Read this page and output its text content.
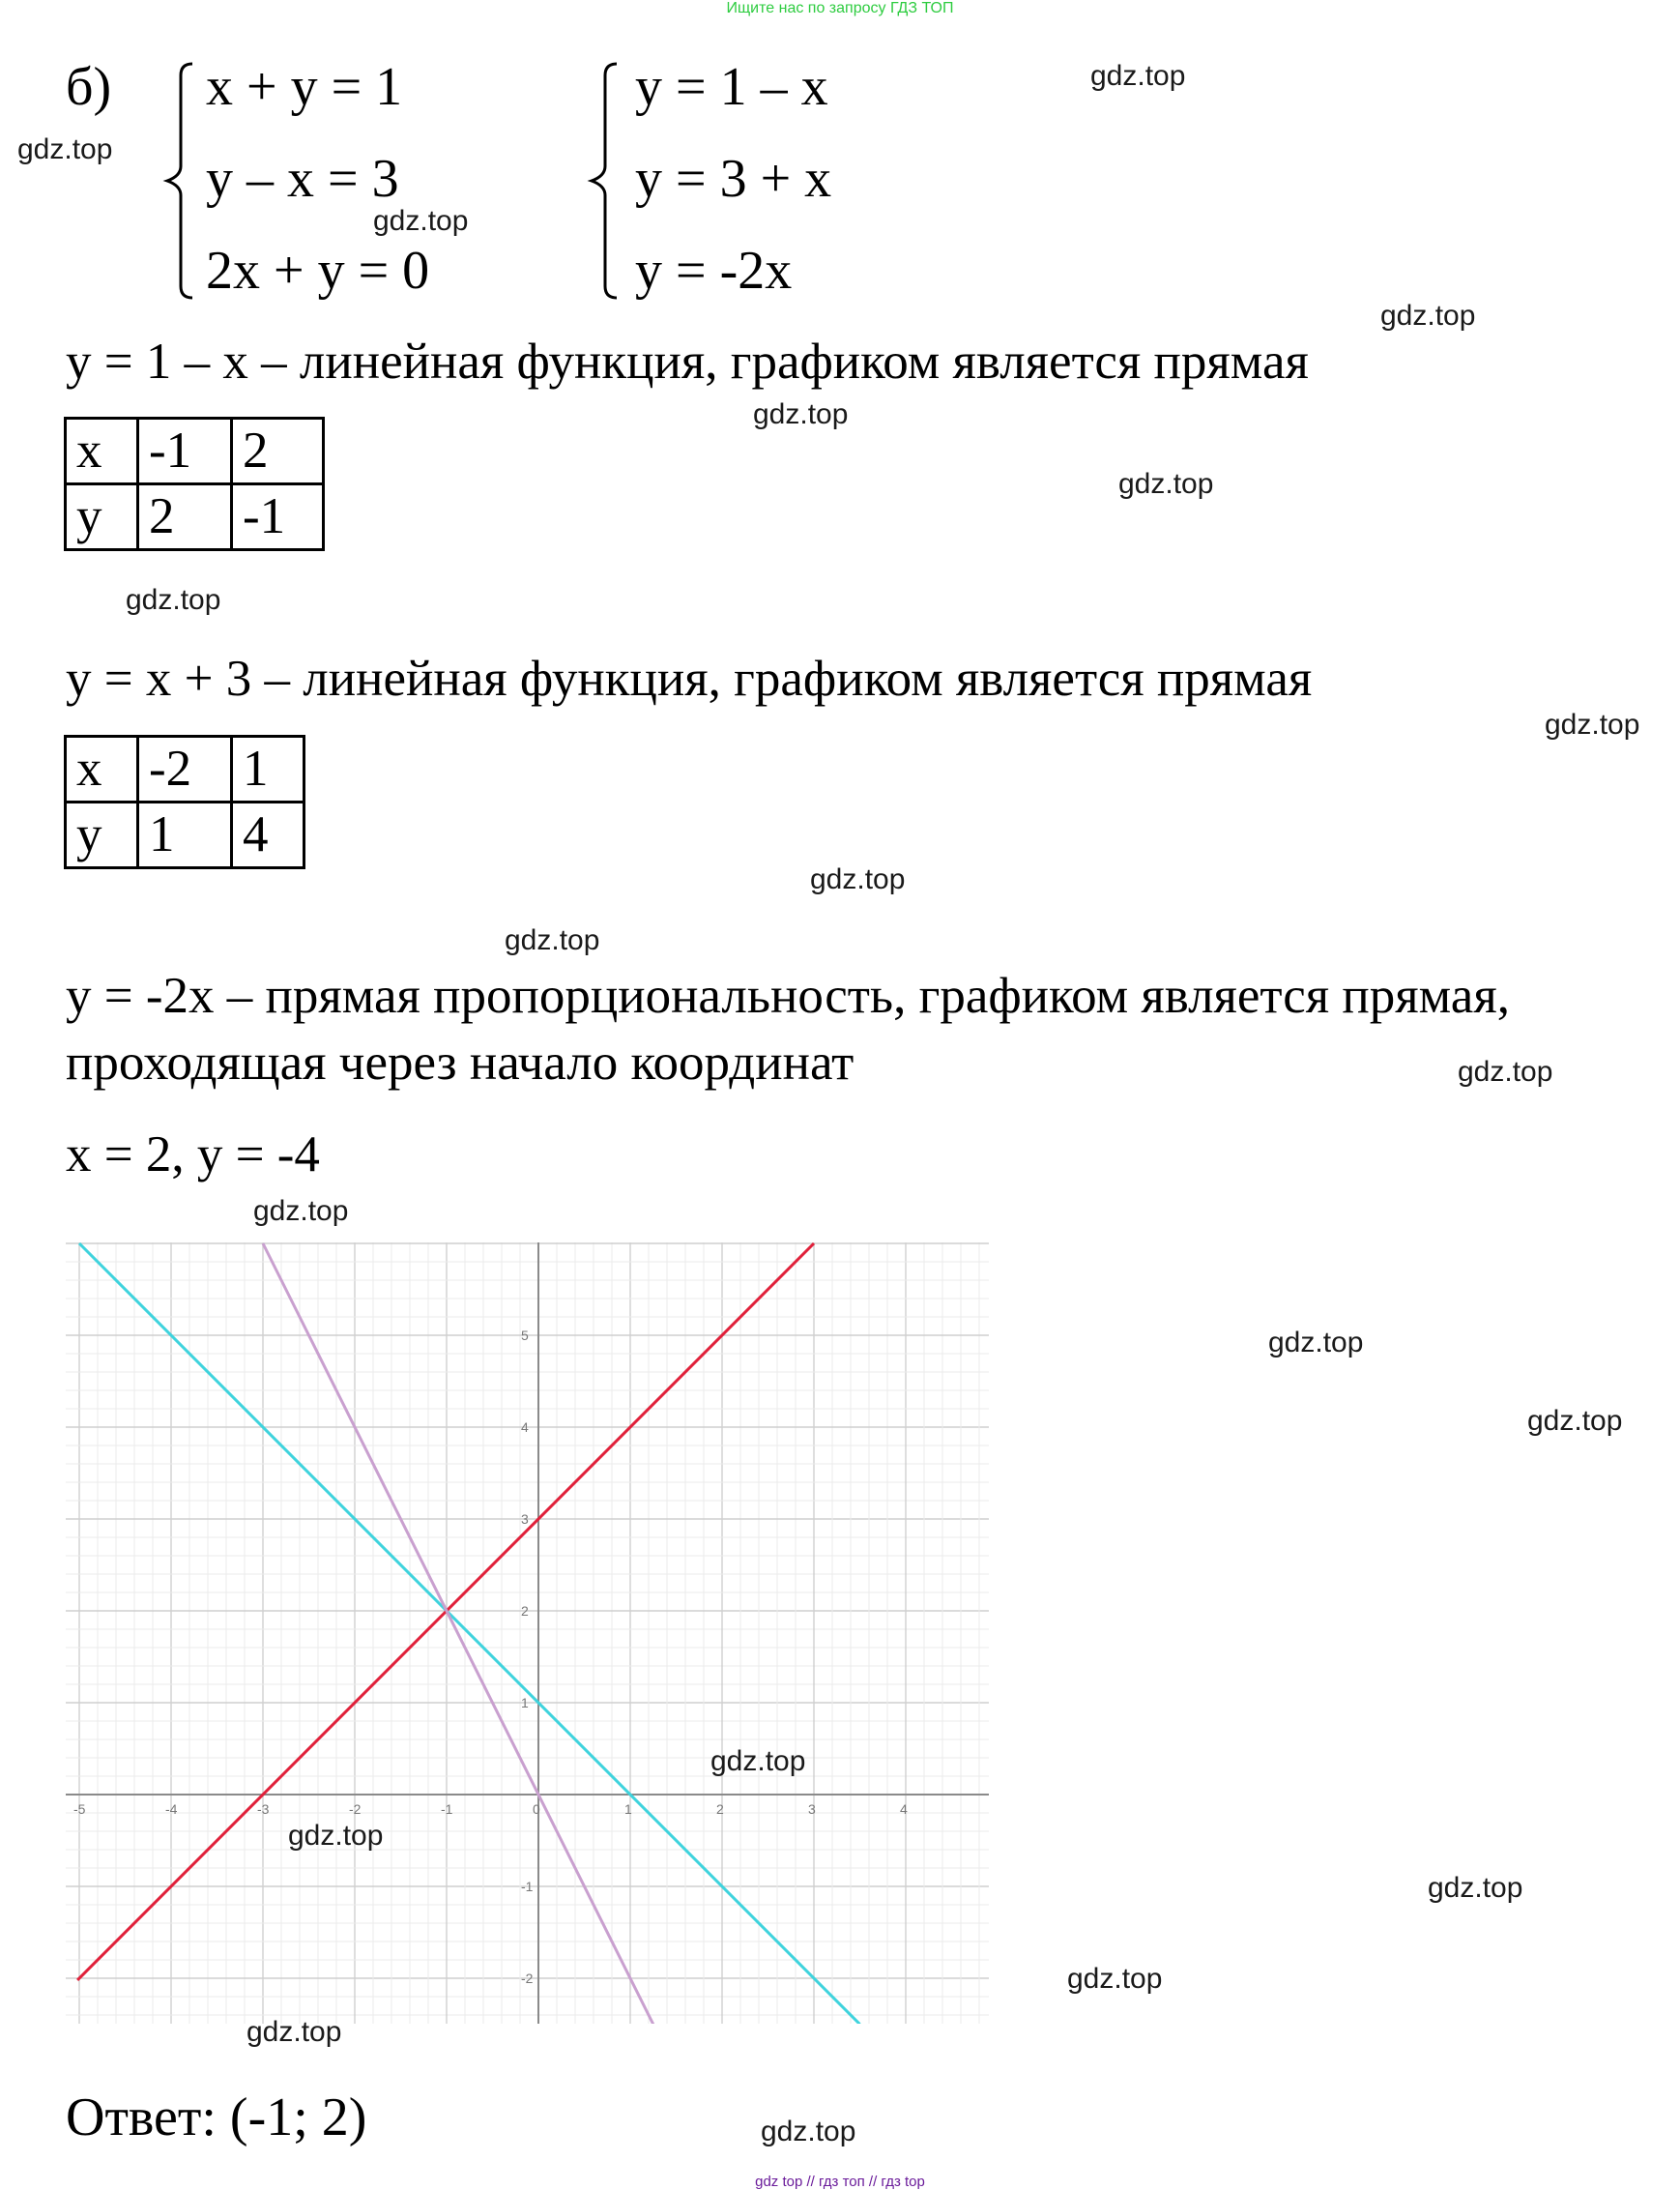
Ищите нас по запросу ГДЗ ТОП
б) x + y = 1
y – x = 3
2x + y = 0
y = 1 – x
y = 3 + x
y = -2x
y = 1 – x – линейная функция, графиком является прямая
x	-1	2
y	2	-1
y = x + 3 – линейная функция, графиком является прямая
x	-2	1
y	1	4
y = -2x – прямая пропорциональность, графиком является прямая,
проходящая через начало координат
x = 2, y = -4
-5	-4	-3	-2	-1	0	1	2	3	4
-2
-1
1
2
3
4
5
Ответ: (-1; 2)
gdz.top
gdz.top
gdz.top
gdz.top
gdz.top
gdz.top
gdz.top
gdz.top
gdz.top
gdz.top
gdz.top
gdz.top
gdz.top
gdz.top
gdz.top
gdz.top
gdz.top
gdz.top
gdz.top
gdz.top
gdz top // гдз топ // гдз top
